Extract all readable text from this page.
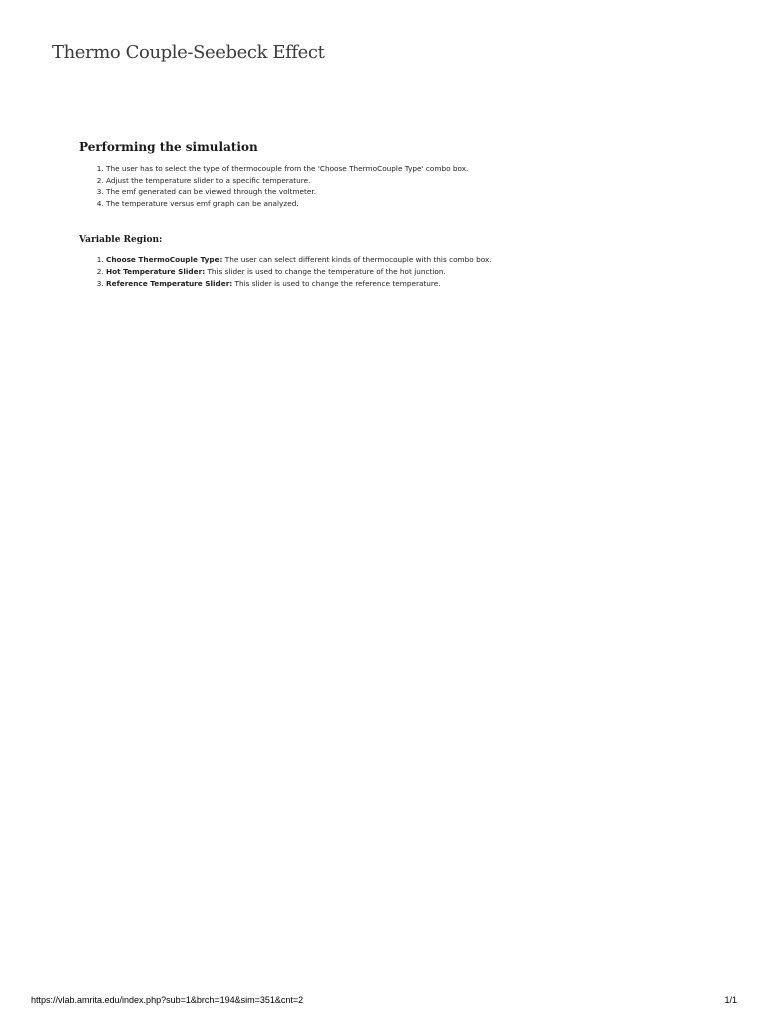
Thermo Couple-Seebeck Effect
Performing the simulation
1. The user has to select the type of thermocouple from the 'Choose ThermoCouple Type' combo box.
2. Adjust the temperature slider to a specific temperature.
3. The emf generated can be viewed through the voltmeter.
4. The temperature versus emf graph can be analyzed.
Variable Region:
1. Choose ThermoCouple Type: The user can select different kinds of thermocouple with this combo box.
2. Hot Temperature Slider: This slider is used to change the temperature of the hot junction.
3. Reference Temperature Slider: This slider is used to change the reference temperature.
https://vlab.amrita.edu/index.php?sub=1&brch=194&sim=351&cnt=2	1/1
